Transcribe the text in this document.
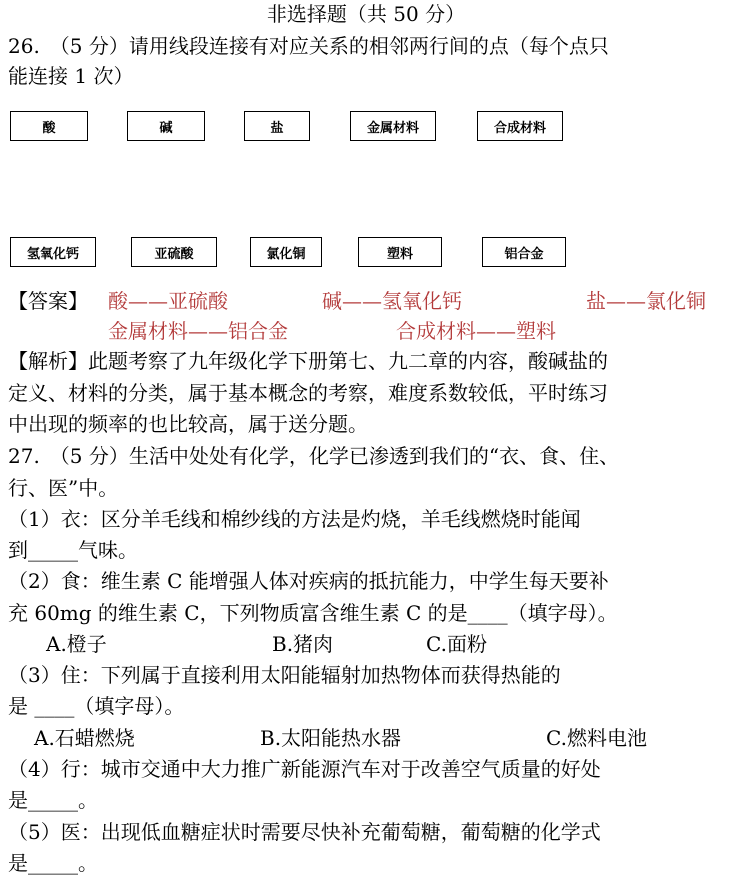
非选择题（共 50 分）
26.　（5 分）请用线段连接有对应关系的相邻两行间的点（每个点只
能连接 1 次）
酸	碱	盐	金属材料	合成材料
氢氧化钙	亚硫酸	氯化铜	塑料	铝合金
【答案】 酸——亚硫酸	碱——氢氧化钙	盐——氯化铜
金属材料——铝合金	合成材料——塑料
【解析】此题考察了九年级化学下册第七、九二章的内容，酸碱盐的
定义、材料的分类，属于基本概念的考察，难度系数较低，平时练习
中出现的频率的也比较高，属于送分题。
27.　（5 分）生活中处处有化学，化学已渗透到我们的“衣、食、住、
行、医”中。
（1）衣：区分羊毛线和棉纱线的方法是灼烧，羊毛线燃烧时能闻
到_____气味。
（2）食：维生素 C 能增强人体对疾病的抵抗能力，中学生每天要补
充 60mg 的维生素 C，下列物质富含维生素 C 的是____（填字母）。
A.橙子	B.猪肉	C.面粉
（3）住：下列属于直接利用太阳能辐射加热物体而获得热能的
是 ____（填字母）。
A.石蜡燃烧	B.太阳能热水器	C.燃料电池
（4）行：城市交通中大力推广新能源汽车对于改善空气质量的好处
是_____。
（5）医：出现低血糖症状时需要尽快补充葡萄糖，葡萄糖的化学式
是_____。
